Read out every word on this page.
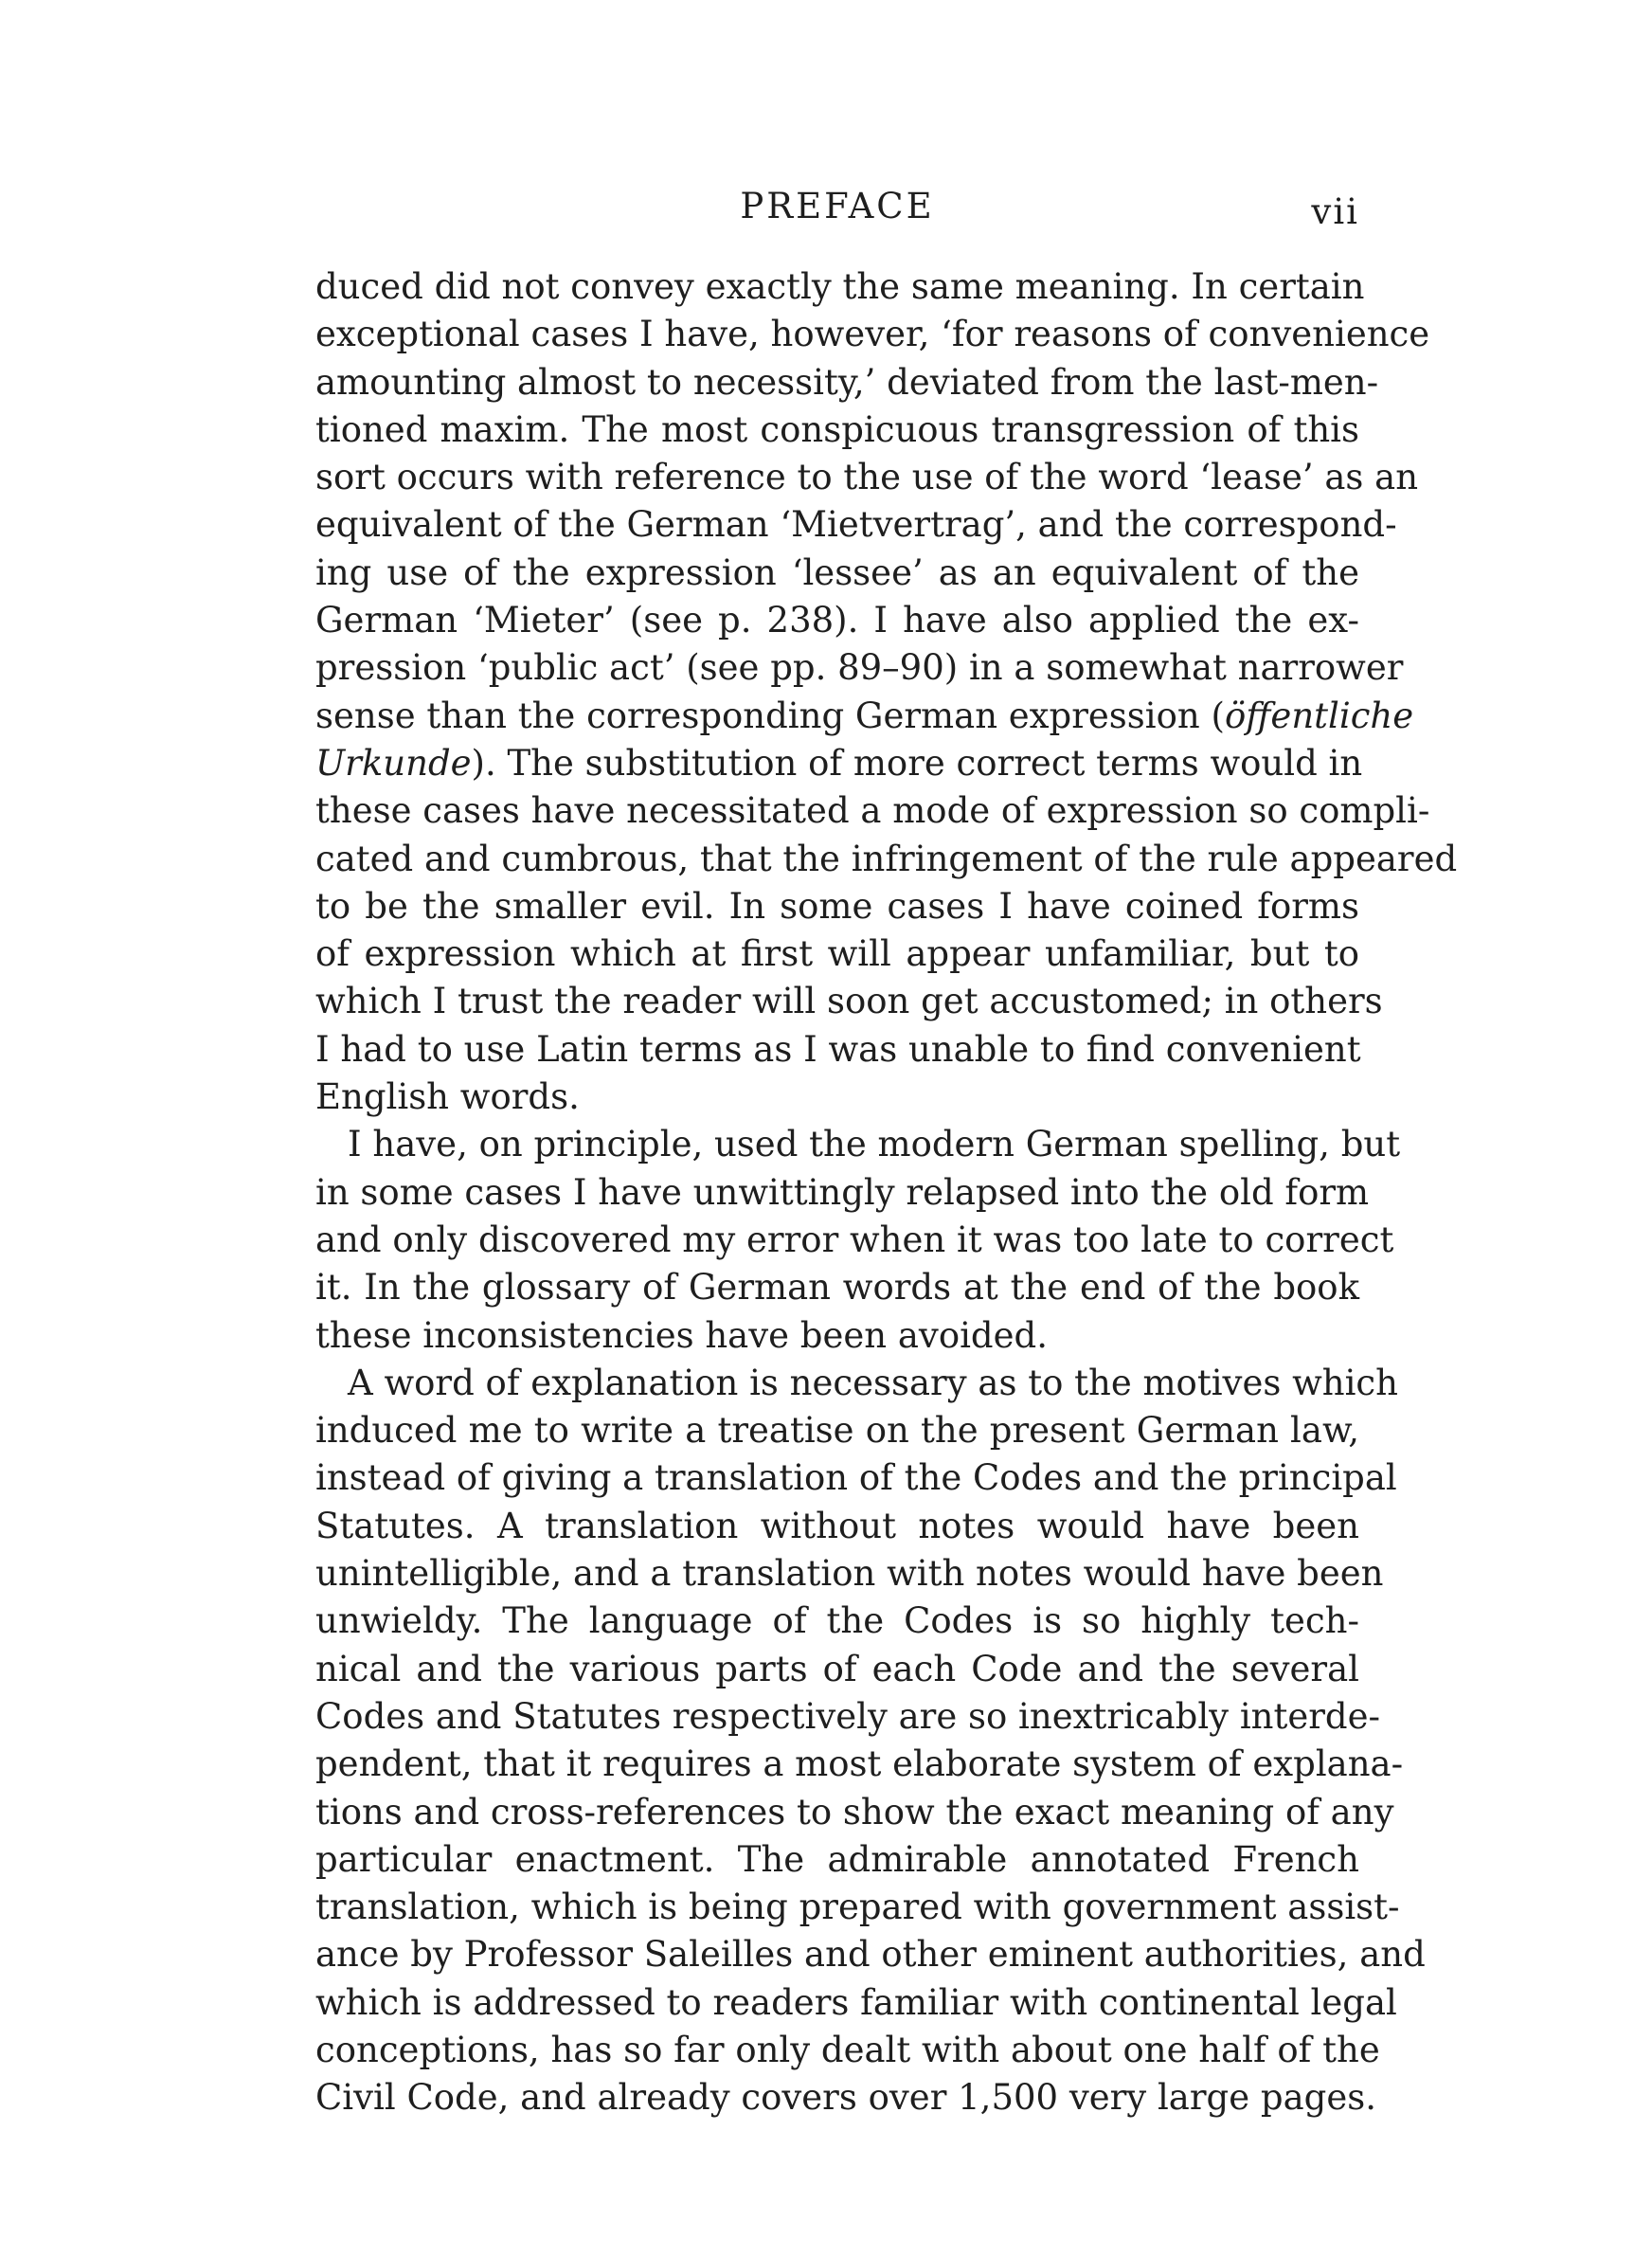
PREFACE	vii
duced did not convey exactly the same meaning. In certain
exceptional cases I have, however, ‘for reasons of convenience
amounting almost to necessity,’ deviated from the last-men-
tioned maxim. The most conspicuous transgression of this
sort occurs with reference to the use of the word ‘lease’ as an
equivalent of the German ‘Mietvertrag’, and the correspond-
ing use of the expression ‘lessee’ as an equivalent of the
German ‘Mieter’ (see p. 238). I have also applied the ex-
pression ‘public act’ (see pp. 89–90) in a somewhat narrower
sense than the corresponding German expression (öffentliche
Urkunde). The substitution of more correct terms would in
these cases have necessitated a mode of expression so compli-
cated and cumbrous, that the infringement of the rule appeared
to be the smaller evil. In some cases I have coined forms
of expression which at first will appear unfamiliar, but to
which I trust the reader will soon get accustomed; in others
I had to use Latin terms as I was unable to find convenient
English words.
I have, on principle, used the modern German spelling, but
in some cases I have unwittingly relapsed into the old form
and only discovered my error when it was too late to correct
it. In the glossary of German words at the end of the book
these inconsistencies have been avoided.
A word of explanation is necessary as to the motives which
induced me to write a treatise on the present German law,
instead of giving a translation of the Codes and the principal
Statutes. A translation without notes would have been
unintelligible, and a translation with notes would have been
unwieldy. The language of the Codes is so highly tech-
nical and the various parts of each Code and the several
Codes and Statutes respectively are so inextricably interde-
pendent, that it requires a most elaborate system of explana-
tions and cross-references to show the exact meaning of any
particular enactment. The admirable annotated French
translation, which is being prepared with government assist-
ance by Professor Saleilles and other eminent authorities, and
which is addressed to readers familiar with continental legal
conceptions, has so far only dealt with about one half of the
Civil Code, and already covers over 1,500 very large pages.
